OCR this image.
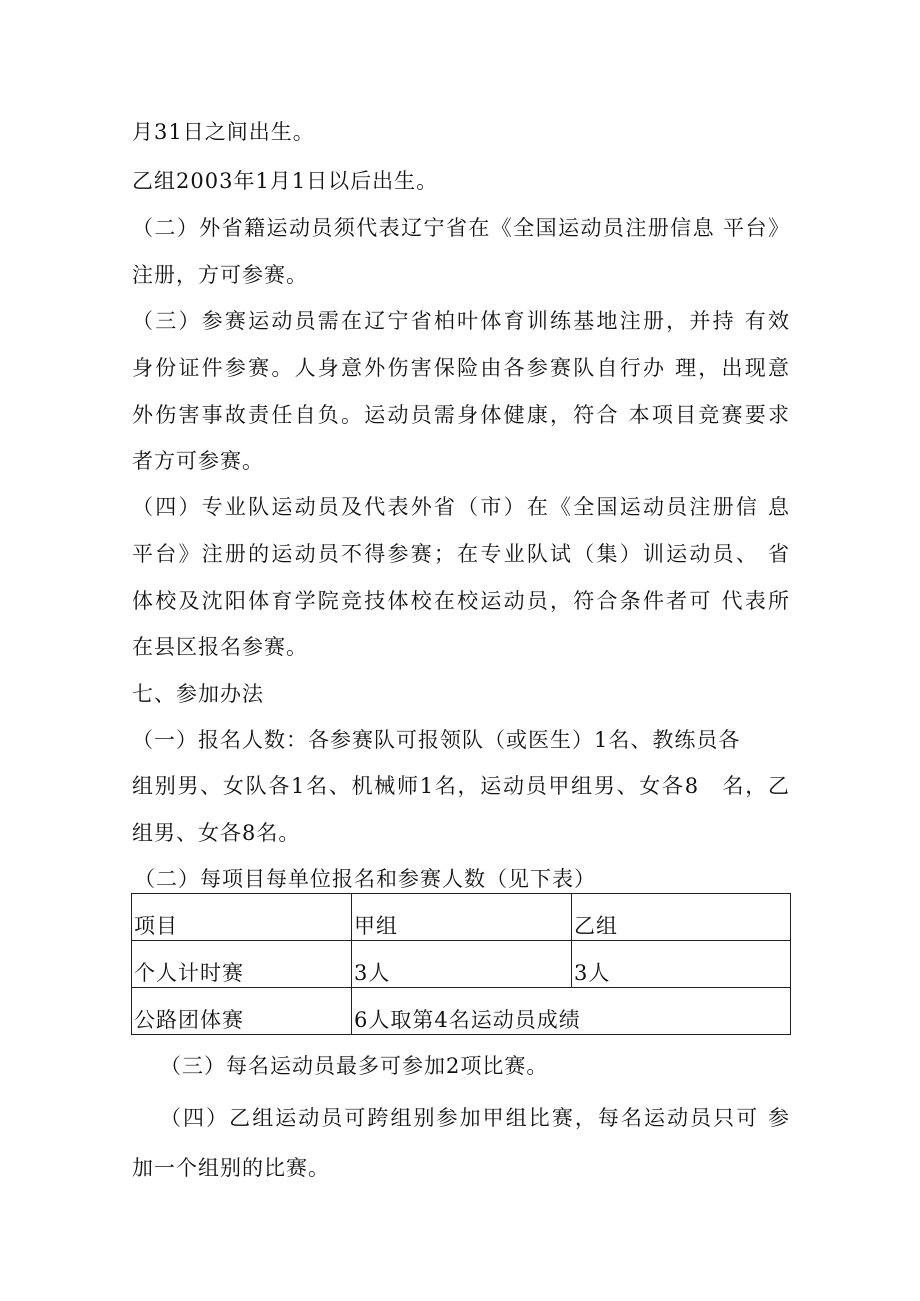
月31日之间出生。
乙组2003年1月1日以后出生。
（二）外省籍运动员须代表辽宁省在《全国运动员注册信息 平台》
注册，方可参赛。
（三）参赛运动员需在辽宁省柏叶体育训练基地注册，并持 有效
身份证件参赛。人身意外伤害保险由各参赛队自行办 理，出现意
外伤害事故责任自负。运动员需身体健康，符合 本项目竞赛要求
者方可参赛。
（四）专业队运动员及代表外省（市）在《全国运动员注册信 息
平台》注册的运动员不得参赛；在专业队试（集）训运动员、 省
体校及沈阳体育学院竞技体校在校运动员，符合条件者可 代表所
在县区报名参赛。
七、参加办法
（一）报名人数：各参赛队可报领队（或医生）1名、教练员各
组别男、女队各1名、机械师1名，运动员甲组男、女各8　名，乙
组男、女各8名。
（二）每项目每单位报名和参赛人数（见下表）
项目	甲组	乙组
个人计时赛	3人	3人
公路团体赛	6人取第4名运动员成绩	
（三）每名运动员最多可参加2项比赛。
（四）乙组运动员可跨组别参加甲组比赛，每名运动员只可 参
加一个组别的比赛。
